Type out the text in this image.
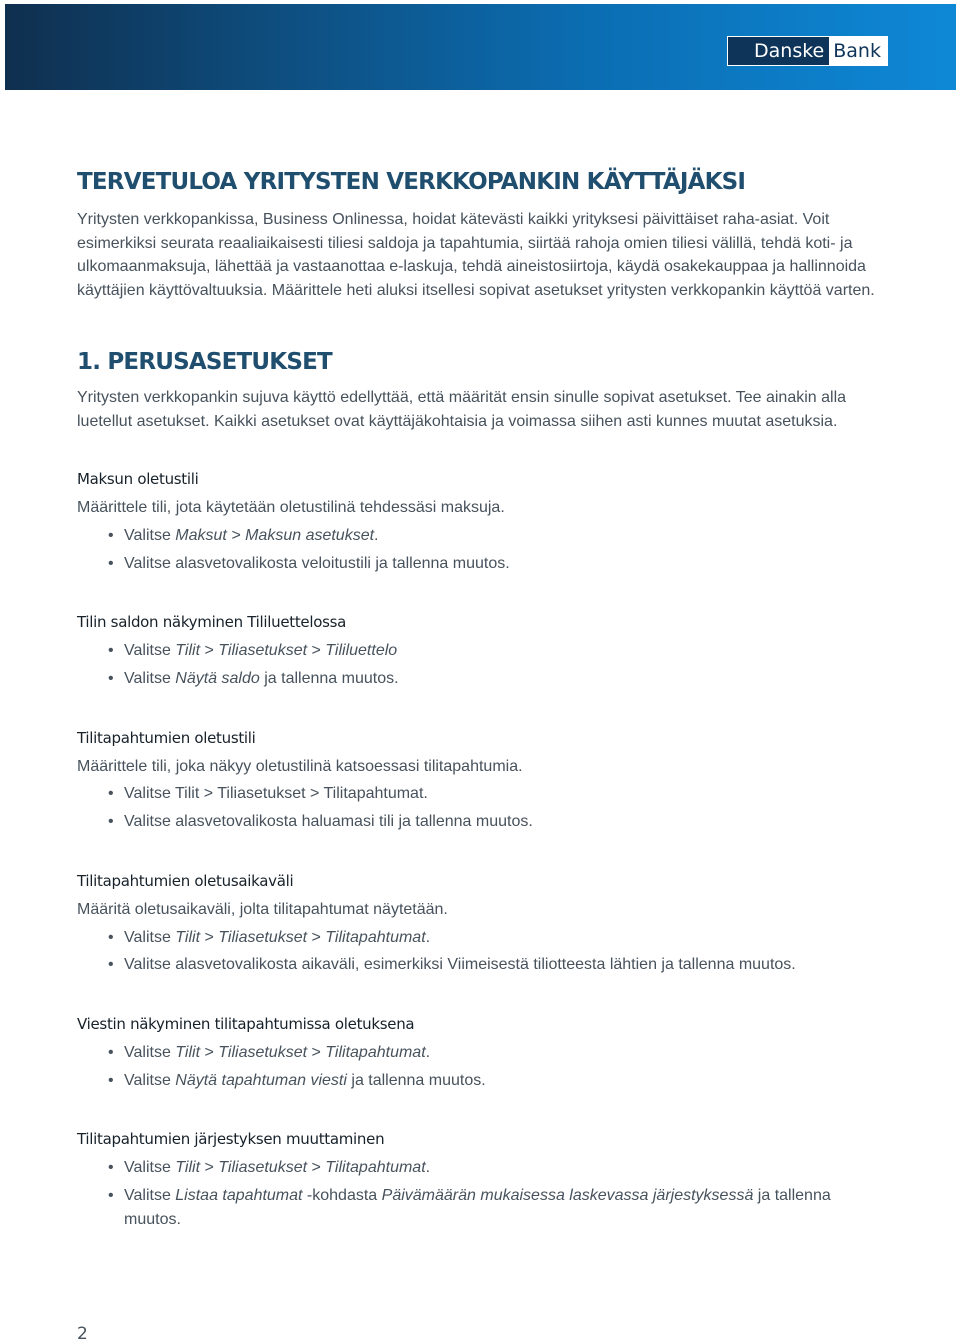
Danske Bank
TERVETULOA YRITYSTEN VERKKOPANKIN KÄYTTÄJÄKSI

Yritysten verkkopankissa, Business Onlinessa, hoidat kätevästi kaikki yrityksesi päivittäiset raha-asiat. Voit esimerkiksi seurata reaaliaikaisesti tiliesi saldoja ja tapahtumia, siirtää rahoja omien tiliesi välillä, tehdä koti- ja ulkomaanmaksuja, lähettää ja vastaanottaa e-laskuja, tehdä aineistosiirtoja, käydä osakekauppaa ja hallinnoida käyttäjien käyttövaltuuksia. Määrittele heti aluksi itsellesi sopivat asetukset yritysten verkkopankin käyttöä varten.

1. PERUSASETUKSET

Yritysten verkkopankin sujuva käyttö edellyttää, että määrität ensin sinulle sopivat asetukset. Tee ainakin alla luetellut asetukset. Kaikki asetukset ovat käyttäjäkohtaisia ja voimassa siihen asti kunnes muutat asetuksia.

Maksun oletustili

Määrittele tili, jota käytetään oletustilinä tehdessäsi maksuja.

• Valitse Maksut > Maksun asetukset.
• Valitse alasvetovalikosta veloitustili ja tallenna muutos.
Tilin saldon näkyminen Tililuettelossa
• Valitse Tilit > Tiliasetukset > Tililuettelo
• Valitse Näytä saldo ja tallenna muutos.
Tilitapahtumien oletustili

Määrittele tili, joka näkyy oletustilinä katsoessasi tilitapahtumia.

• Valitse Tilit > Tiliasetukset > Tilitapahtumat.
• Valitse alasvetovalikosta haluamasi tili ja tallenna muutos.
Tilitapahtumien oletusaikaväli

Määritä oletusaikaväli, jolta tilitapahtumat näytetään.

• Valitse Tilit > Tiliasetukset > Tilitapahtumat.
• Valitse alasvetovalikosta aikaväli, esimerkiksi Viimeisestä tiliotteesta lähtien ja tallenna muutos.
Viestin näkyminen tilitapahtumissa oletuksena
• Valitse Tilit > Tiliasetukset > Tilitapahtumat.
• Valitse Näytä tapahtuman viesti ja tallenna muutos.
Tilitapahtumien järjestyksen muuttaminen
• Valitse Tilit > Tiliasetukset > Tilitapahtumat.
• Valitse Listaa tapahtumat -kohdasta Päivämäärän mukaisessa laskevassa järjestyksessä ja tallenna muutos.
2
